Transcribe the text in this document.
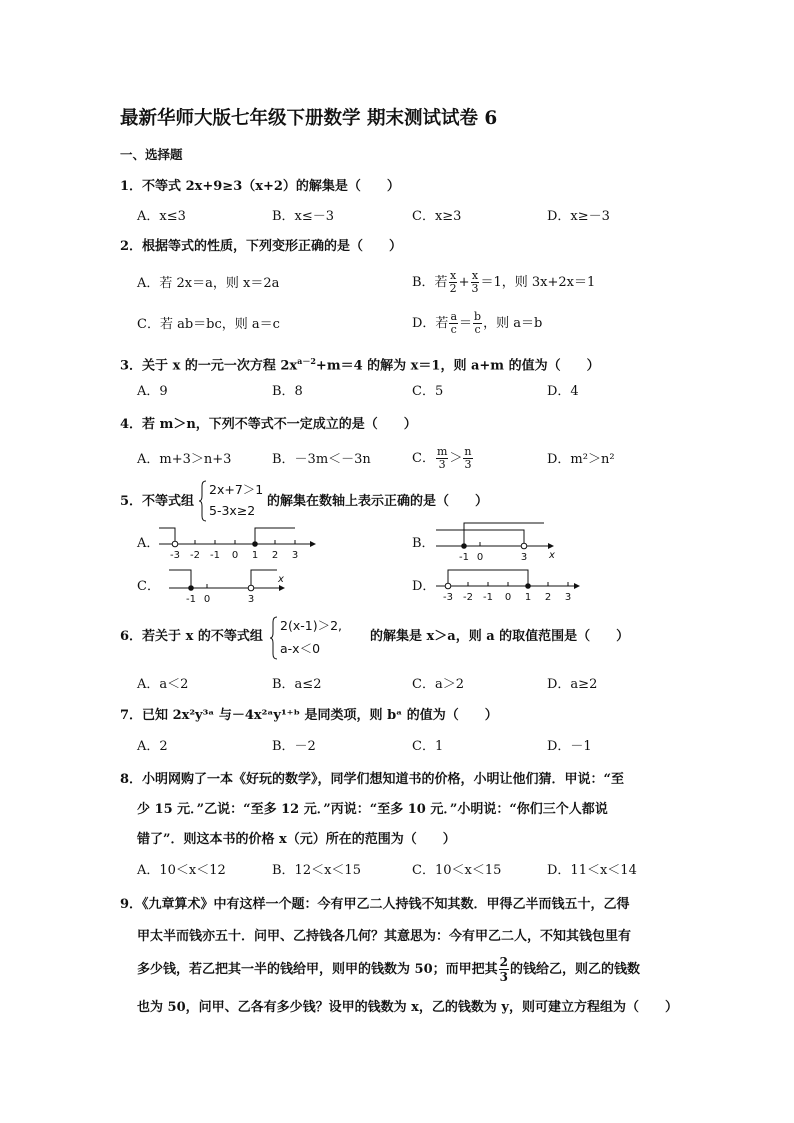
最新华师大版七年级下册数学 期末测试试卷 6
一、选择题
1．不等式 2x+9≥3（x+2）的解集是（　　）
A．x≤3	B．x≤－3	C．x≥3	D．x≥－3
2．根据等式的性质，下列变形正确的是（　　）
A．若 2x＝a，则 x＝2a	B．若 $\frac{x}{2} + \frac{x}{3} =1$，则 3x+2x＝1
C．若 ab＝bc，则 a＝c	D．若 $\frac{a}{c} = \frac{b}{c}$ ，则 a＝b
3．关于 x 的一元一次方程 $2x^{a-2}+m=4$ 的解为 x＝1，则 a+m 的值为（　　）
A．9	B．8	C．5	D．4
4．若 m＞n，下列不等式不一定成立的是（　　）
A．m+3＞n+3	B．－3m＜－3n	C． $\frac{m}{3} > \frac{n}{3}$	D．m²＞n²
5．不等式组
2x+7＞1
5-3x≥2
的解集在数轴上表示正确的是（　　）
A．	B．
C．	D．
-3 -2 -1 0 1 2 3	-1 0	3 x
-1 0	3
x
-3 -2 -1 0 1 2 3
6．若关于 x 的不等式组
2(x-1)＞2,
a-x＜0
的解集是 x＞a，则 a 的取值范围是（　　）
A．a＜2	B．a≤2	C．a＞2	D．a≥2
7．已知 2x²y³ᵃ 与－4x²ᵃy¹⁺ᵇ 是同类项，则 bᵃ 的值为（　　）
A．2	B．－2	C．1	D．－1
8．小明网购了一本《好玩的数学》，同学们想知道书的价格，小明让他们猜．甲说：“至
少 15 元．”乙说：“至多 12 元．”丙说：“至多 10 元．”小明说：“你们三个人都说
错了”．则这本书的价格 x（元）所在的范围为（　　）
A．10＜x＜12	B．12＜x＜15	C．10＜x＜15	D．11＜x＜14
9．《九章算术》中有这样一个题：今有甲乙二人持钱不知其数．甲得乙半而钱五十，乙得
甲太半而钱亦五十．问甲、乙持钱各几何？其意思为：今有甲乙二人，不知其钱包里有
多少钱，若乙把其一半的钱给甲，则甲的钱数为 50；而甲把其 $\frac{2}{3}$ 的钱给乙，则乙的钱数
也为 50，问甲、乙各有多少钱？设甲的钱数为 x，乙的钱数为 y，则可建立方程组为（　　）
